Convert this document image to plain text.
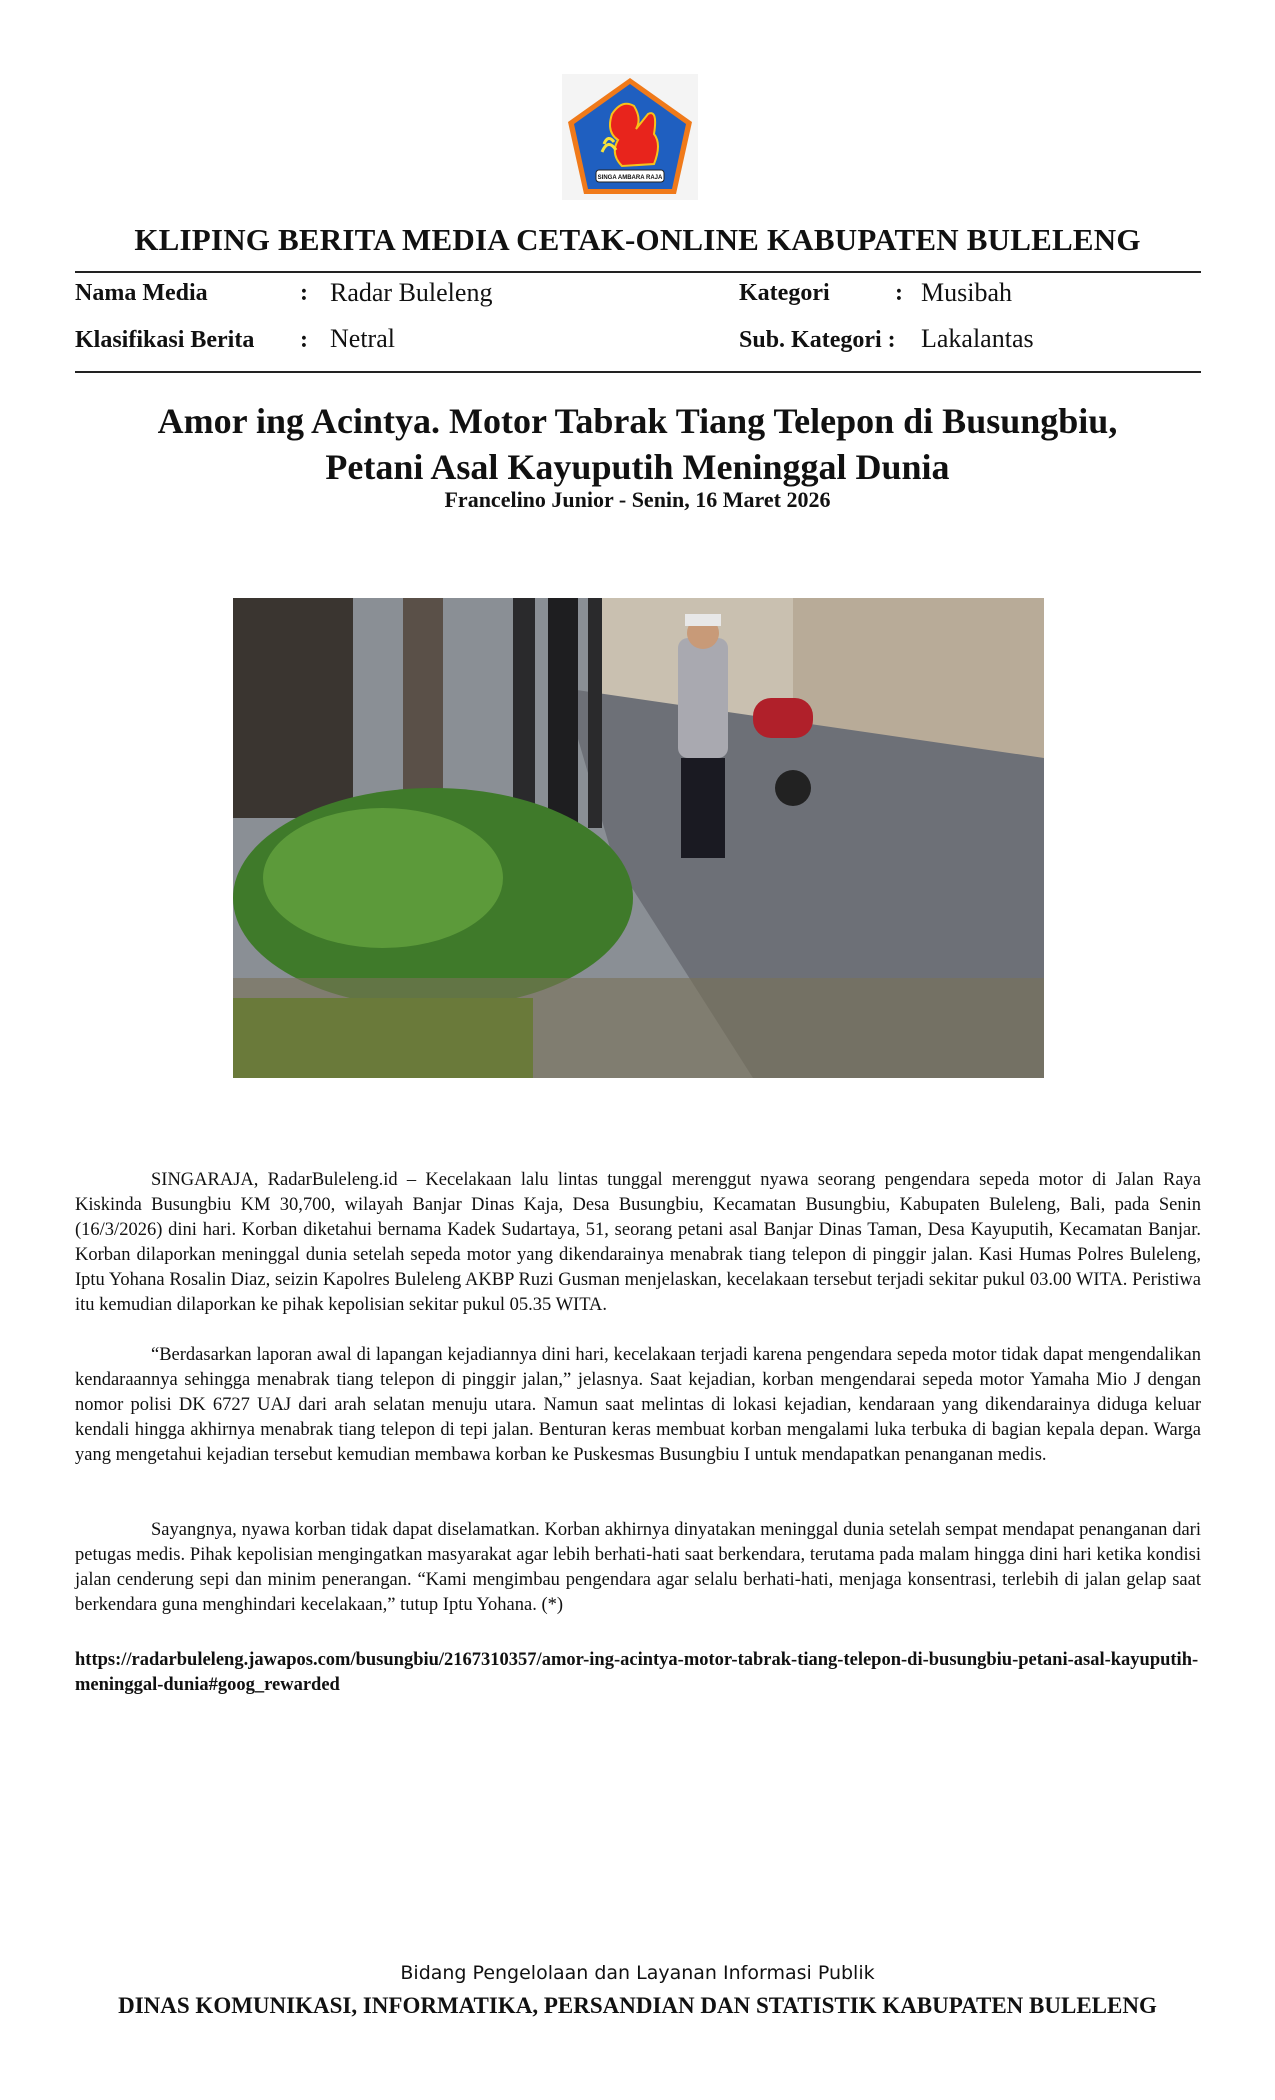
SINGA AMBARA RAJA
KLIPING BERITA MEDIA CETAK-ONLINE KABUPATEN BULELENG
Nama Media	: Radar Buleleng	Kategori	: Musibah
Klasifikasi Berita : Netral	Sub. Kategori : Lakalantas
Amor ing Acintya. Motor Tabrak Tiang Telepon di Busungbiu,
Petani Asal Kayuputih Meninggal Dunia
Francelino Junior - Senin, 16 Maret 2026
SINGARAJA, RadarBuleleng.id – Kecelakaan lalu lintas tunggal merenggut nyawa seorang pengendara sepeda motor di Jalan Raya Kiskinda Busungbiu KM 30,700, wilayah Banjar Dinas Kaja, Desa Busungbiu, Kecamatan Busungbiu, Kabupaten Buleleng, Bali, pada Senin (16/3/2026) dini hari. Korban diketahui bernama Kadek Sudartaya, 51, seorang petani asal Banjar Dinas Taman, Desa Kayuputih, Kecamatan Banjar. Korban dilaporkan meninggal dunia setelah sepeda motor yang dikendarainya menabrak tiang telepon di pinggir jalan. Kasi Humas Polres Buleleng, Iptu Yohana Rosalin Diaz, seizin Kapolres Buleleng AKBP Ruzi Gusman menjelaskan, kecelakaan tersebut terjadi sekitar pukul 03.00 WITA. Peristiwa itu kemudian dilaporkan ke pihak kepolisian sekitar pukul 05.35 WITA.
“Berdasarkan laporan awal di lapangan kejadiannya dini hari, kecelakaan terjadi karena pengendara sepeda motor tidak dapat mengendalikan kendaraannya sehingga menabrak tiang telepon di pinggir jalan,” jelasnya. Saat kejadian, korban mengendarai sepeda motor Yamaha Mio J dengan nomor polisi DK 6727 UAJ dari arah selatan menuju utara. Namun saat melintas di lokasi kejadian, kendaraan yang dikendarainya diduga keluar kendali hingga akhirnya menabrak tiang telepon di tepi jalan. Benturan keras membuat korban mengalami luka terbuka di bagian kepala depan. Warga yang mengetahui kejadian tersebut kemudian membawa korban ke Puskesmas Busungbiu I untuk mendapatkan penanganan medis.
Sayangnya, nyawa korban tidak dapat diselamatkan. Korban akhirnya dinyatakan meninggal dunia setelah sempat mendapat penanganan dari petugas medis. Pihak kepolisian mengingatkan masyarakat agar lebih berhati-hati saat berkendara, terutama pada malam hingga dini hari ketika kondisi jalan cenderung sepi dan minim penerangan. “Kami mengimbau pengendara agar selalu berhati-hati, menjaga konsentrasi, terlebih di jalan gelap saat berkendara guna menghindari kecelakaan,” tutup Iptu Yohana. (*)
https://radarbuleleng.jawapos.com/busungbiu/2167310357/amor-ing-acintya-motor-tabrak-tiang-telepon-di-busungbiu-petani-asal-kayuputih-meninggal-dunia#goog_rewarded
Bidang Pengelolaan dan Layanan Informasi Publik
DINAS KOMUNIKASI, INFORMATIKA, PERSANDIAN DAN STATISTIK KABUPATEN BULELENG
